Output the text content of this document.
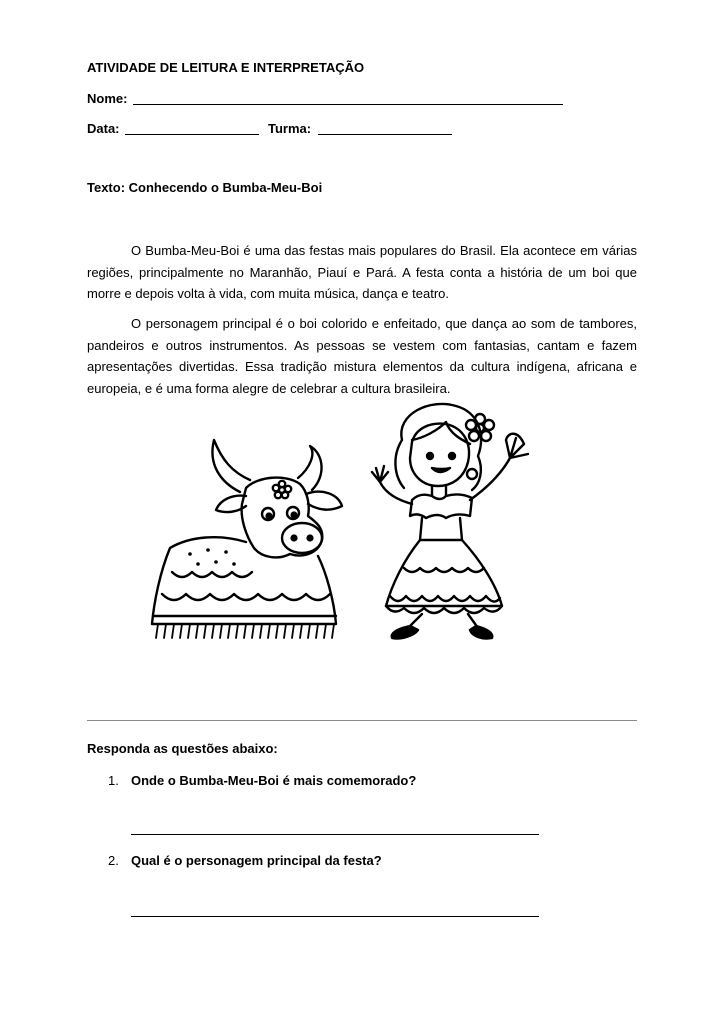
ATIVIDADE DE LEITURA E INTERPRETAÇÃO
Nome:
Data:	Turma:
Texto: Conhecendo o Bumba-Meu-Boi

O Bumba-Meu-Boi é uma das festas mais populares do Brasil. Ela acontece em várias regiões, principalmente no Maranhão, Piauí e Pará. A festa conta a história de um boi que morre e depois volta à vida, com muita música, dança e teatro.

O personagem principal é o boi colorido e enfeitado, que dança ao som de tambores, pandeiros e outros instrumentos. As pessoas se vestem com fantasias, cantam e fazem apresentações divertidas. Essa tradição mistura elementos da cultura indígena, africana e europeia, e é uma forma alegre de celebrar a cultura brasileira.

Responda as questões abaixo:
1. Onde o Bumba-Meu-Boi é mais comemorado?
2. Qual é o personagem principal da festa?
